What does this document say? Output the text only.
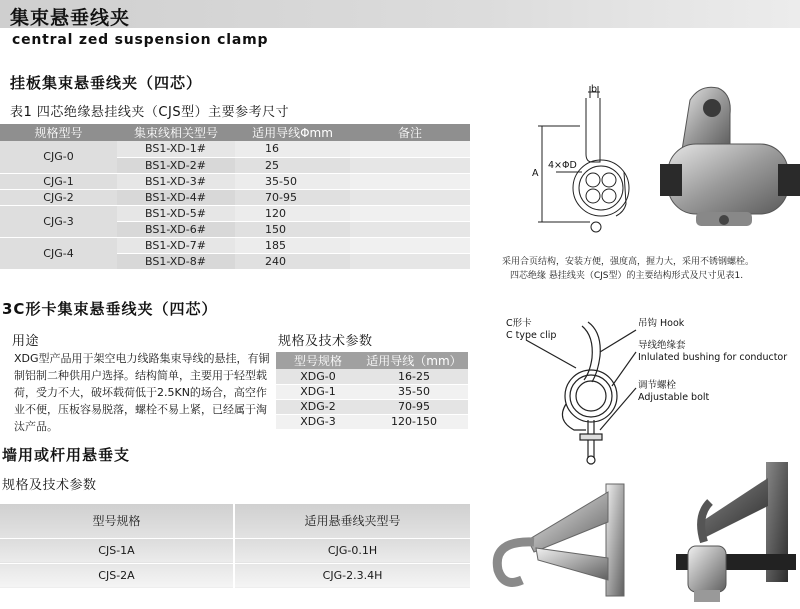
集束悬垂线夹
central zed suspension clamp
挂板集束悬垂线夹（四芯）
表1 四芯绝缘悬挂线夹（CJS型）主要参考尺寸
规格型号	集束线相关型号	适用导线Φmm	备注
CJG-0	BS1-XD-1#	16	
	BS1-XD-2#	25	
CJG-1	BS1-XD-3#	35-50	
CJG-2	BS1-XD-4#	70-95	
CJG-3	BS1-XD-5#	120	
	BS1-XD-6#	150	
CJG-4	BS1-XD-7#	185	
	BS1-XD-8#	240	
b
4×ΦD
A
采用合页结构，安装方便，强度高，握力大，采用不锈钢螺栓。
四芯绝缘 悬挂线夹（CJS型）的主要结构形式及尺寸见表1.
3C形卡集束悬垂线夹（四芯）
用途
XDG型产品用于架空电力线路集束导线的悬挂，有铜制铝制二种供用户选择。结构简单，主要用于轻型载荷，受力不大，破坏载荷低于2.5KN的场合，高空作业不便，压板容易脱落，螺栓不易上紧，已经属于淘汰产品。
规格及技术参数
型号规格	适用导线（mm）
XDG-0	16-25
XDG-1	35-50
XDG-2	70-95
XDG-3	120-150
C形卡
C type clip
吊钩 Hook
导线绝缘套
Inlulated bushing for conductor
调节螺栓
Adjustable bolt
墙用或杆用悬垂支
规格及技术参数
型号规格	适用悬垂线夹型号
CJS-1A	CJG-0.1H
CJS-2A	CJG-2.3.4H
